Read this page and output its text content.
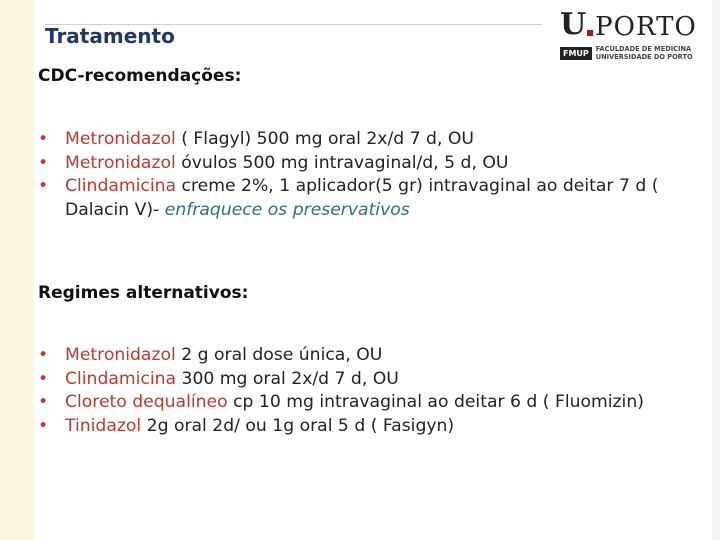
Tratamento	U PORTO
FMUP	FACULDADE DE MEDICINA
UNIVERSIDADE DO PORTO
CDC-recomendações:
• Metronidazol ( Flagyl) 500 mg oral 2x/d 7 d, OU
• Metronidazol óvulos 500 mg intravaginal/d, 5 d, OU
• Clindamicina creme 2%, 1 aplicador(5 gr) intravaginal ao deitar 7 d ( Dalacin V)- enfraquece os preservativos
Regimes alternativos:
• Metronidazol 2 g oral dose única, OU
• Clindamicina 300 mg oral 2x/d 7 d, OU
• Cloreto dequalíneo cp 10 mg intravaginal ao deitar 6 d ( Fluomizin)
• Tinidazol 2g oral 2d/ ou 1g oral 5 d ( Fasigyn)
